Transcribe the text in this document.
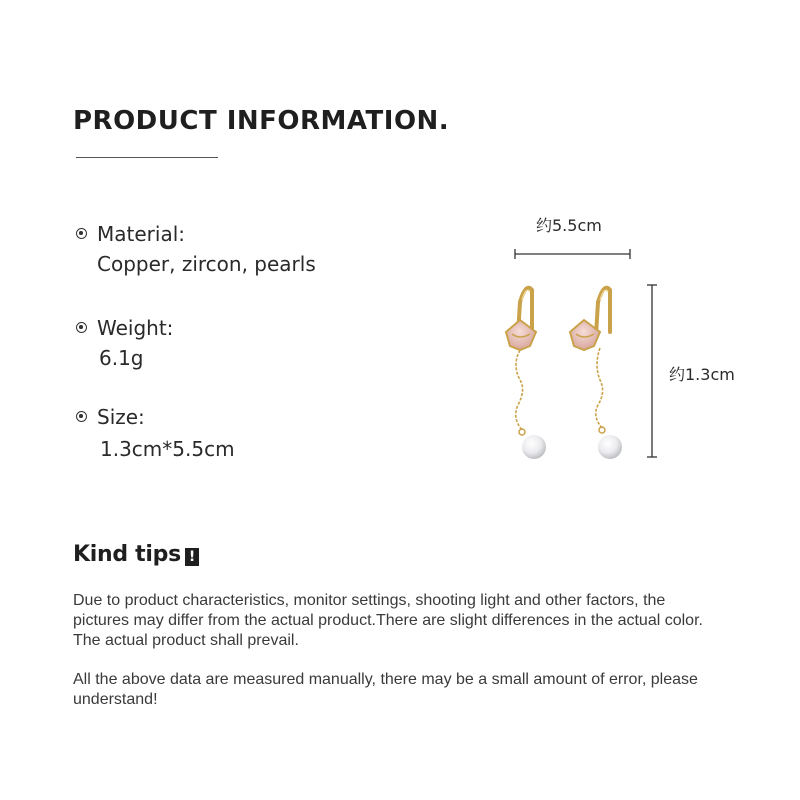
PRODUCT INFORMATION.
Material:
Copper, zircon, pearls
Weight:
6.1g
Size:
1.3cm*5.5cm
约5.5cm
约1.3cm
Kind tips !

Due to product characteristics, monitor settings, shooting light and other factors, the pictures may differ from the actual product.There are slight differences in the actual color. The actual product shall prevail.

All the above data are measured manually, there may be a small amount of error, please understand!
